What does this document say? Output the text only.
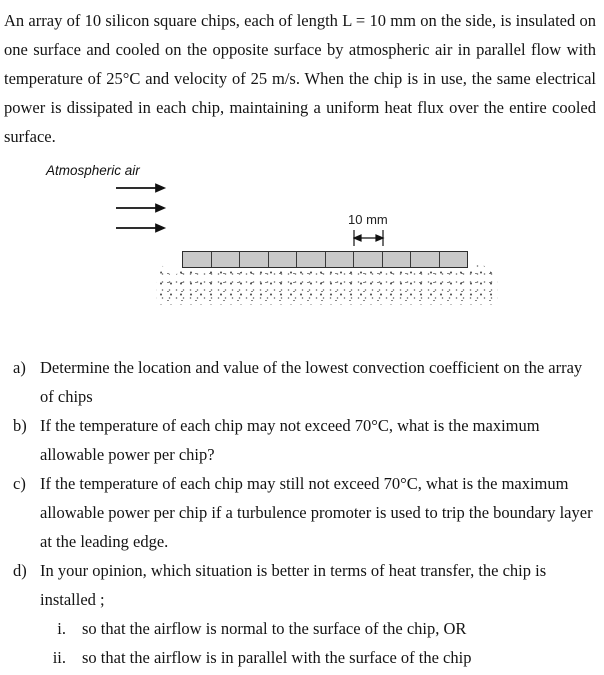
An array of 10 silicon square chips, each of length L = 10 mm on the side, is insulated on one surface and cooled on the opposite surface by atmospheric air in parallel flow with temperature of 25°C and velocity of 25 m/s. When the chip is in use, the same electrical power is dissipated in each chip, maintaining a uniform heat flux over the entire cooled surface.
Atmospheric air
10 mm
a) Determine the location and value of the lowest convection coefficient on the array of chips
b) If the temperature of each chip may not exceed 70°C, what is the maximum allowable power per chip?
c) If the temperature of each chip may still not exceed 70°C, what is the maximum allowable power per chip if a turbulence promoter is used to trip the boundary layer at the leading edge.
d) In your opinion, which situation is better in terms of heat transfer, the chip is installed ;
i. so that the airflow is normal to the surface of the chip, OR
ii. so that the airflow is in parallel with the surface of the chip
